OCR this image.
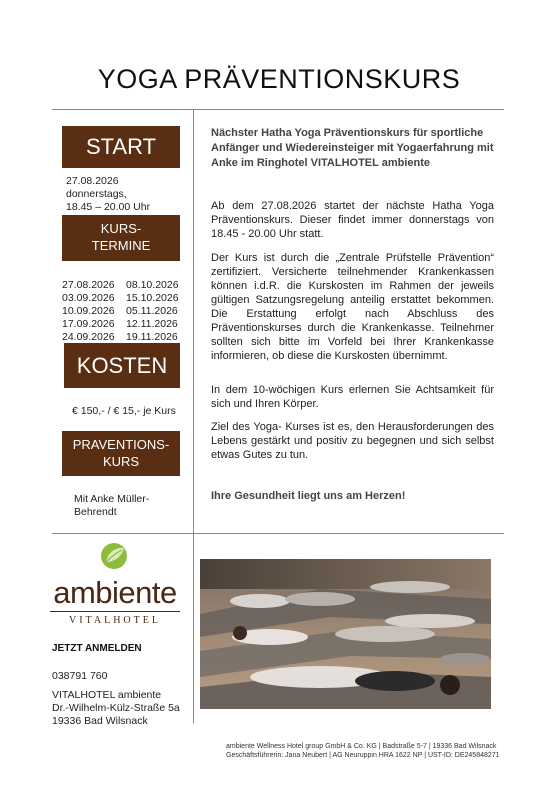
YOGA PRÄVENTIONSKURS
START
27.08.2026
donnerstags,
18.45 – 20.00 Uhr
KURS-
TERMINE
27.08.2026	08.10.2026
03.09.2026	15.10.2026
10.09.2026	05.11.2026
17.09.2026	12.11.2026
24.09.2026	19.11.2026
KOSTEN
€ 150,- / € 15,- je Kurs
PRAVENTIONS-
KURS
Mit Anke Müller-
Behrendt
Nächster Hatha Yoga Präventionskurs für sportliche Anfänger und Wiedereinsteiger mit Yogaerfahrung mit Anke im Ringhotel VITALHOTEL ambiente
Ab dem 27.08.2026 startet der nächste Hatha Yoga Präventionskurs. Dieser findet immer donnerstags von 18.45 - 20.00 Uhr statt.
Der Kurs ist durch die „Zentrale Prüfstelle Prävention“ zertifiziert. Versicherte teilnehmender Krankenkassen können i.d.R. die Kurskosten im Rahmen der jeweils gültigen Satzungsregelung anteilig erstattet bekommen. Die Erstattung erfolgt nach Abschluss des Präventionskurses durch die Krankenkasse. Teilnehmer sollten sich bitte im Vorfeld bei Ihrer Krankenkasse informieren, ob diese die Kurskosten übernimmt.
In dem 10-wöchigen Kurs erlernen Sie Achtsamkeit für sich und Ihren Körper.
Ziel des Yoga- Kurses ist es, den Herausforderungen des Lebens gestärkt und positiv zu begegnen und sich selbst etwas Gutes zu tun.
Ihre Gesundheit liegt uns am Herzen!
ambiente
VITALHOTEL
JETZT ANMELDEN
038791 760
VITALHOTEL ambiente
Dr.-Wilhelm-Külz-Straße 5a
19336 Bad Wilsnack
ambiente Wellness Hotel group GmbH & Co. KG | Badstraße 5-7 | 19336 Bad Wilsnack
Geschäftsführerin: Jana Neubert | AG Neuruppin HRA 1622 NP | UST-ID: DE245848271
